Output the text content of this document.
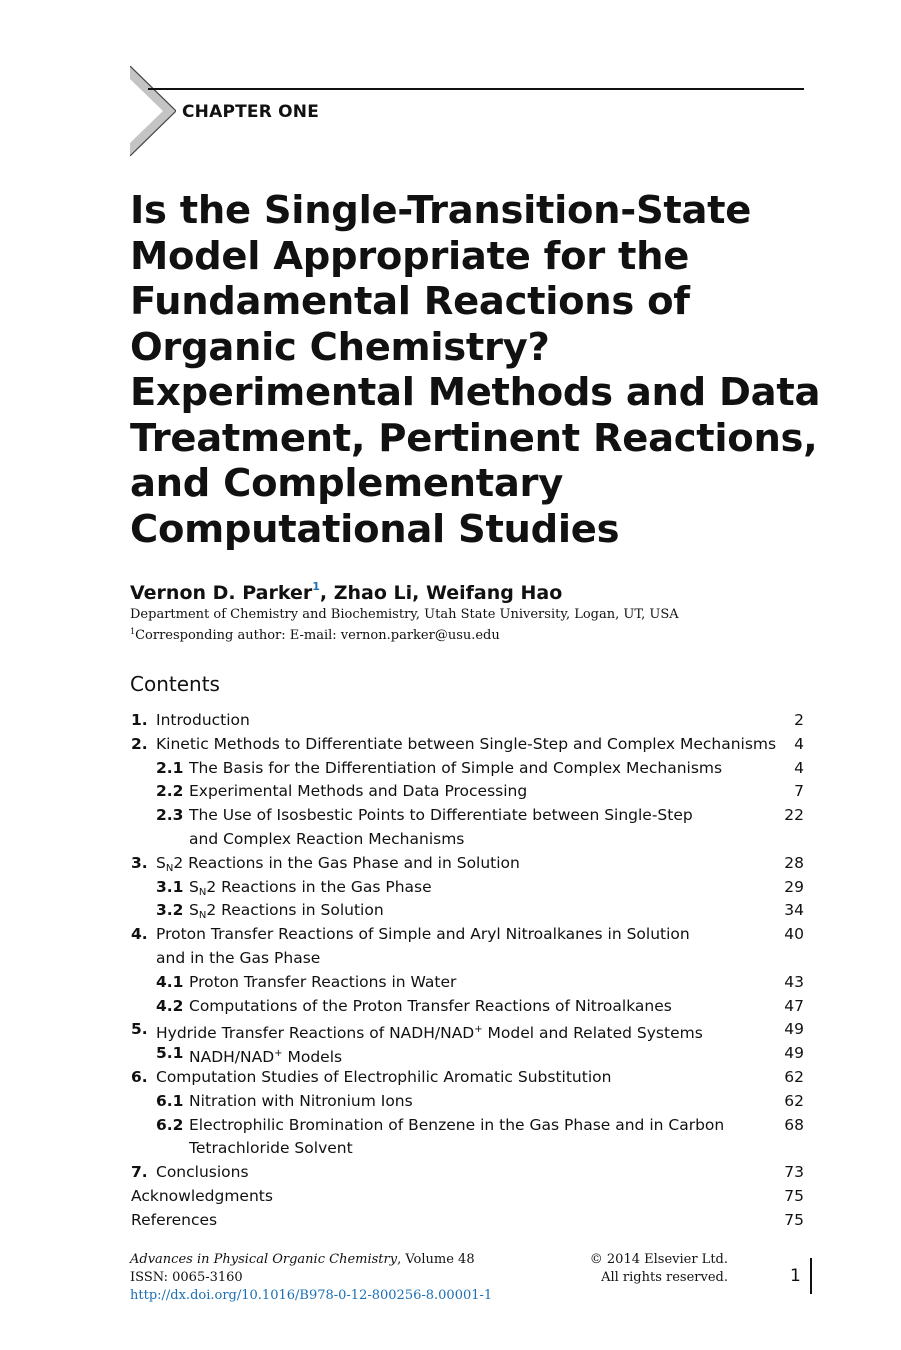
CHAPTER ONE
Is the Single-Transition-State
Model Appropriate for the
Fundamental Reactions of
Organic Chemistry?
Experimental Methods and Data
Treatment, Pertinent Reactions,
and Complementary
Computational Studies
Vernon D. Parker$^1$, Zhao Li, Weifang Hao
Department of Chemistry and Biochemistry, Utah State University, Logan, UT, USA
$^1$Corresponding author: E-mail: vernon.parker@usu.edu
Contents
1. Introduction	2
2. Kinetic Methods to Differentiate between Single-Step and Complex Mechanisms 4
2.1 The Basis for the Differentiation of Simple and Complex Mechanisms	4
2.2 Experimental Methods and Data Processing	7
2.3 The Use of Isosbestic Points to Differentiate between Single-Step	22
and Complex Reaction Mechanisms
3. $S_N2$ Reactions in the Gas Phase and in Solution	28
3.1 $S_N2$ Reactions in the Gas Phase	29
3.2 $S_N2$ Reactions in Solution	34
4. Proton Transfer Reactions of Simple and Aryl Nitroalkanes in Solution	40
and in the Gas Phase
4.1 Proton Transfer Reactions in Water	43
4.2 Computations of the Proton Transfer Reactions of Nitroalkanes	47
5. Hydride Transfer Reactions of NADH/NAD+ Model and Related Systems	49
5.1 NADH/NAD+ Models	49
6. Computation Studies of Electrophilic Aromatic Substitution	62
6.1 Nitration with Nitronium Ions	62
6.2 Electrophilic Bromination of Benzene in the Gas Phase and in Carbon	68
Tetrachloride Solvent
7. Conclusions	73
Acknowledgments	75
References	75
Advances in Physical Organic Chemistry, Volume 48
ISSN: 0065-3160
http://dx.doi.org/10.1016/B978-0-12-800256-8.00001-1
© 2014 Elsevier Ltd.
All rights reserved.	1
